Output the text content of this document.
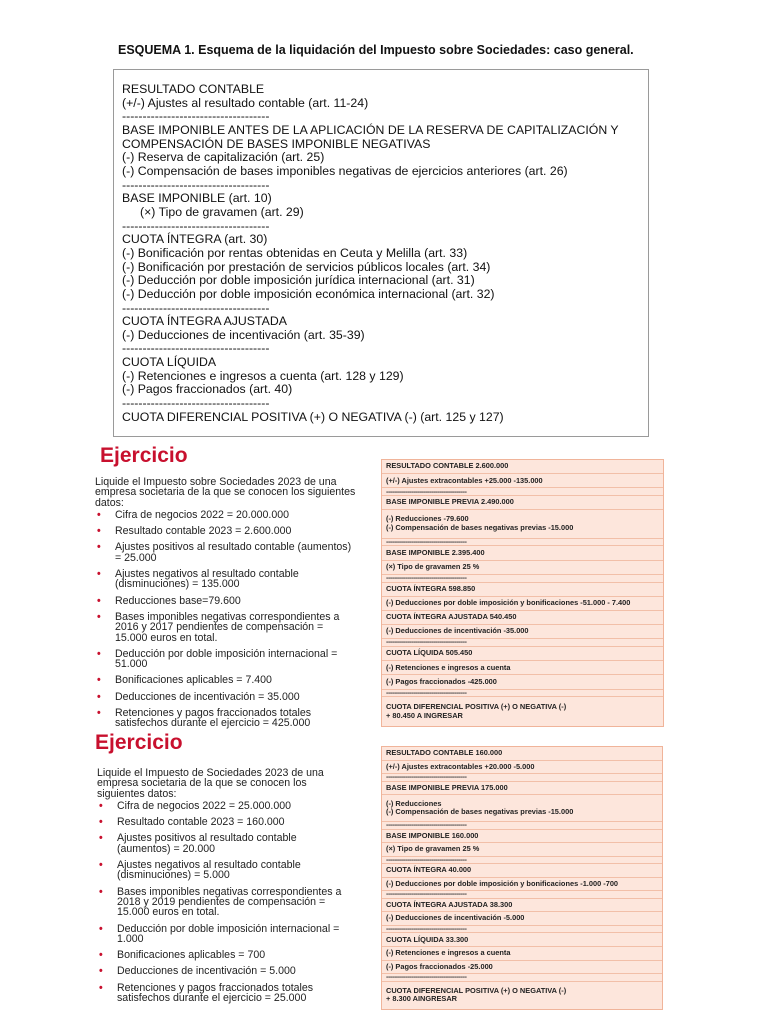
ESQUEMA 1. Esquema de la liquidación del Impuesto sobre Sociedades: caso general.
RESULTADO CONTABLE
(+/-) Ajustes al resultado contable (art. 11-24)
------------------------------------
BASE IMPONIBLE ANTES DE LA APLICACIÓN DE LA RESERVA DE CAPITALIZACIÓN Y
COMPENSACIÓN DE BASES IMPONIBLE NEGATIVAS
(-) Reserva de capitalización (art. 25)
(-) Compensación de bases imponibles negativas de ejercicios anteriores (art. 26)
------------------------------------
BASE IMPONIBLE (art. 10)
(×) Tipo de gravamen (art. 29)
------------------------------------
CUOTA ÍNTEGRA (art. 30)
(-) Bonificación por rentas obtenidas en Ceuta y Melilla (art. 33)
(-) Bonificación por prestación de servicios públicos locales (art. 34)
(-) Deducción por doble imposición jurídica internacional (art. 31)
(-) Deducción por doble imposición económica internacional (art. 32)
------------------------------------
CUOTA ÍNTEGRA AJUSTADA
(-) Deducciones de incentivación (art. 35-39)
------------------------------------
CUOTA LÍQUIDA
(-) Retenciones e ingresos a cuenta (art. 128 y 129)
(-) Pagos fraccionados (art. 40)
------------------------------------
CUOTA DIFERENCIAL POSITIVA (+) O NEGATIVA (-) (art. 125 y 127)
Ejercicio

Liquide el Impuesto sobre Sociedades 2023 de una empresa societaria de la que se conocen los siguientes datos:

• Cifra de negocios 2022 = 20.000.000
• Resultado contable 2023 = 2.600.000
• Ajustes positivos al resultado contable (aumentos) = 25.000
• Ajustes negativos al resultado contable (disminuciones) = 135.000
• Reducciones base=79.600
• Bases imponibles negativas correspondientes a 2016 y 2017 pendientes de compensación = 15.000 euros en total.
• Deducción por doble imposición internacional = 51.000
• Bonificaciones aplicables = 7.400
• Deducciones de incentivación = 35.000
• Retenciones y pagos fraccionados totales satisfechos durante el ejercicio = 425.000
RESULTADO CONTABLE 2.600.000
(+/-) Ajustes extracontables +25.000 -135.000
-----------------------------------------
BASE IMPONIBLE PREVIA 2.490.000
(-) Reducciones -79.600
(-) Compensación de bases negativas previas -15.000
-----------------------------------------
BASE IMPONIBLE 2.395.400
(×) Tipo de gravamen 25 %
-----------------------------------------
CUOTA ÍNTEGRA 598.850
(-) Deducciones por doble imposición y bonificaciones -51.000 - 7.400
CUOTA ÍNTEGRA AJUSTADA 540.450
(-) Deducciones de incentivación -35.000
-----------------------------------------
CUOTA LÍQUIDA 505.450
(-) Retenciones e ingresos a cuenta
(-) Pagos fraccionados -425.000
-----------------------------------------
CUOTA DIFERENCIAL POSITIVA (+) O NEGATIVA (-)
+ 80.450 A INGRESAR
Ejercicio

Liquide el Impuesto de Sociedades 2023 de una empresa societaria de la que se conocen los siguientes datos:

• Cifra de negocios 2022 = 25.000.000
• Resultado contable 2023 = 160.000
• Ajustes positivos al resultado contable (aumentos) = 20.000
• Ajustes negativos al resultado contable (disminuciones) = 5.000
• Bases imponibles negativas correspondientes a 2018 y 2019 pendientes de compensación = 15.000 euros en total.
• Deducción por doble imposición internacional = 1.000
• Bonificaciones aplicables = 700
• Deducciones de incentivación = 5.000
• Retenciones y pagos fraccionados totales satisfechos durante el ejercicio = 25.000
RESULTADO CONTABLE 160.000
(+/-) Ajustes extracontables +20.000 -5.000
-----------------------------------------
BASE IMPONIBLE PREVIA 175.000
(-) Reducciones
(-) Compensación de bases negativas previas -15.000
-----------------------------------------
BASE IMPONIBLE 160.000
(×) Tipo de gravamen 25 %
-----------------------------------------
CUOTA ÍNTEGRA 40.000
(-) Deducciones por doble imposición y bonificaciones -1.000 -700
-----------------------------------------
CUOTA ÍNTEGRA AJUSTADA 38.300
(-) Deducciones de incentivación -5.000
-----------------------------------------
CUOTA LÍQUIDA 33.300
(-) Retenciones e ingresos a cuenta
(-) Pagos fraccionados -25.000
-----------------------------------------
CUOTA DIFERENCIAL POSITIVA (+) O NEGATIVA (-)
+ 8.300 AINGRESAR
